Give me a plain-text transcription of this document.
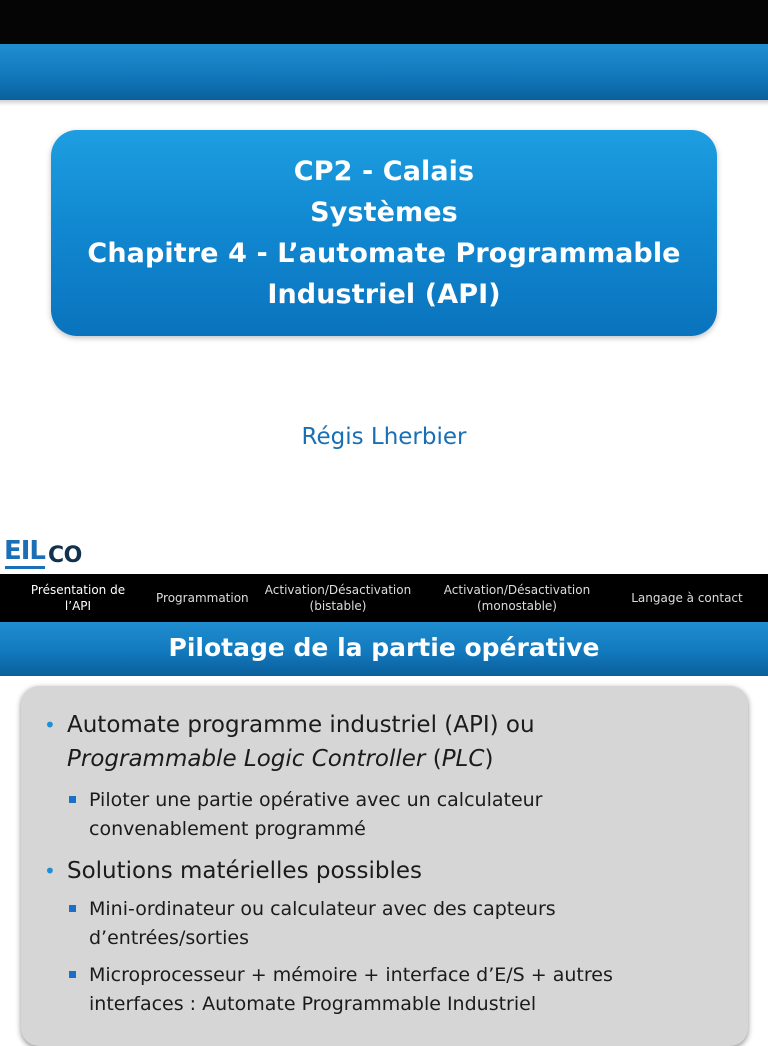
CP2 - Calais
Systèmes
Chapitre 4 - L’automate Programmable
Industriel (API)
Régis Lherbier
EIL CO
Présentation de
l’API
Programmation
Activation/Désactivation
(bistable)
Activation/Désactivation
(monostable)
Langage à contact
Pilotage de la partie opérative
• Automate programme industriel (API) ou
Programmable Logic Controller (PLC)
Piloter une partie opérative avec un calculateur
convenablement programmé
• Solutions matérielles possibles
Mini-ordinateur ou calculateur avec des capteurs
d’entrées/sorties
Microprocesseur + mémoire + interface d’E/S + autres
interfaces : Automate Programmable Industriel
